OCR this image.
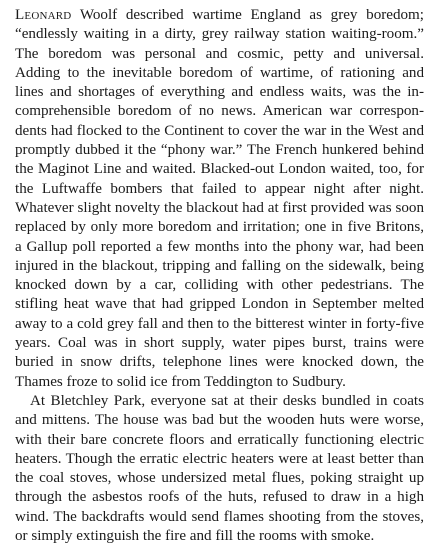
Leonard Woolf described wartime England as grey boredom; “endlessly waiting in a dirty, grey railway station waiting-room.” The boredom was personal and cosmic, petty and universal. Adding to the inevitable boredom of wartime, of rationing and lines and shortages of everything and endless waits, was the incomprehensible boredom of no news. American war correspondents had flocked to the Continent to cover the war in the West and promptly dubbed it the “phony war.” The French hunkered behind the Maginot Line and waited. Blacked-out London waited, too, for the Luftwaffe bombers that failed to appear night after night. Whatever slight novelty the blackout had at first provided was soon replaced by only more boredom and irritation; one in five Britons, a Gallup poll reported a few months into the phony war, had been injured in the blackout, tripping and falling on the sidewalk, being knocked down by a car, colliding with other pedestrians. The stifling heat wave that had gripped London in September melted away to a cold grey fall and then to the bitterest winter in forty-five years. Coal was in short supply, water pipes burst, trains were buried in snow drifts, telephone lines were knocked down, the Thames froze to solid ice from Teddington to Sudbury.

At Bletchley Park, everyone sat at their desks bundled in coats and mittens. The house was bad but the wooden huts were worse, with their bare concrete floors and erratically functioning electric heaters. Though the erratic electric heaters were at least better than the coal stoves, whose undersized metal flues, poking straight up through the asbestos roofs of the huts, refused to draw in a high wind. The backdrafts would send flames shooting from the stoves, or simply extinguish the fire and fill the rooms with smoke.
